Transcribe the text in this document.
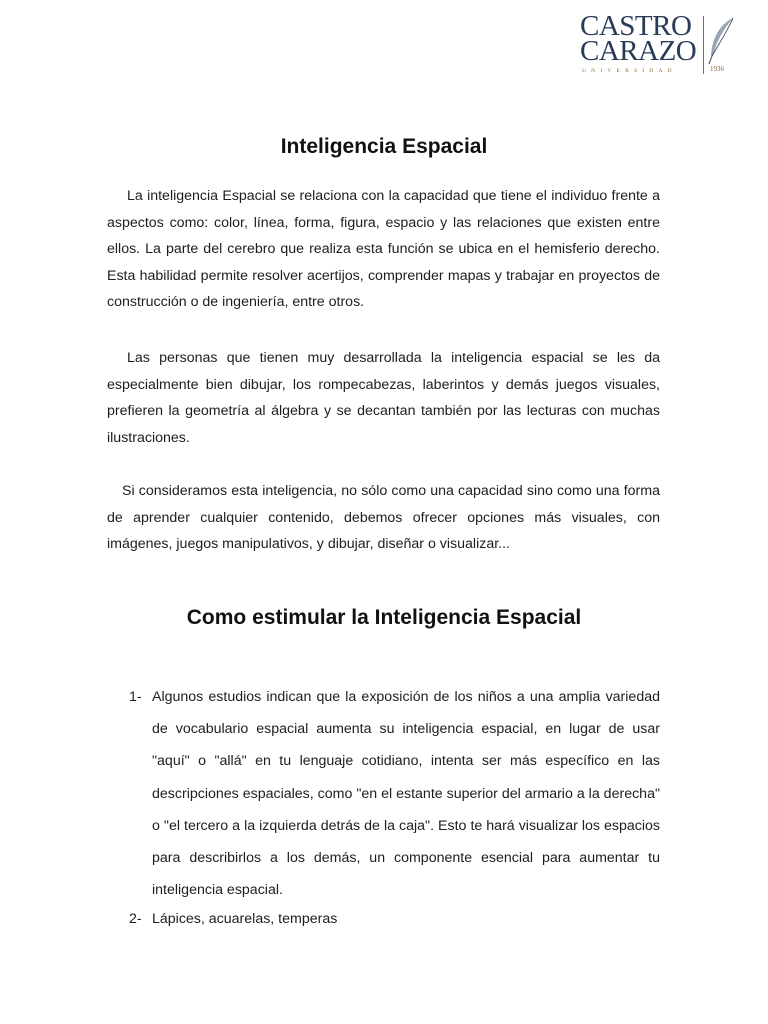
CASTRO
CARAZO
UNIVERSIDAD	1936
Inteligencia Espacial

La inteligencia Espacial se relaciona con la capacidad que tiene el individuo frente a aspectos como: color, línea, forma, figura, espacio y las relaciones que existen entre ellos. La parte del cerebro que realiza esta función se ubica en el hemisferio derecho. Esta habilidad permite resolver acertijos, comprender mapas y trabajar en proyectos de construcción o de ingeniería, entre otros.

Las personas que tienen muy desarrollada la inteligencia espacial se les da especialmente bien dibujar, los rompecabezas, laberintos y demás juegos visuales, prefieren la geometría al álgebra y se decantan también por las lecturas con muchas ilustraciones.

Si consideramos esta inteligencia, no sólo como una capacidad sino como una forma de aprender cualquier contenido, debemos ofrecer opciones más visuales, con imágenes, juegos manipulativos, y dibujar, diseñar o visualizar...

Como estimular la Inteligencia Espacial
1- Algunos estudios indican que la exposición de los niños a una amplia variedad de vocabulario espacial aumenta su inteligencia espacial, en lugar de usar "aquí" o "allá" en tu lenguaje cotidiano, intenta ser más específico en las descripciones espaciales, como "en el estante superior del armario a la derecha" o "el tercero a la izquierda detrás de la caja". Esto te hará visualizar los espacios para describirlos a los demás, un componente esencial para aumentar tu inteligencia espacial.

2- Lápices, acuarelas, temperas
